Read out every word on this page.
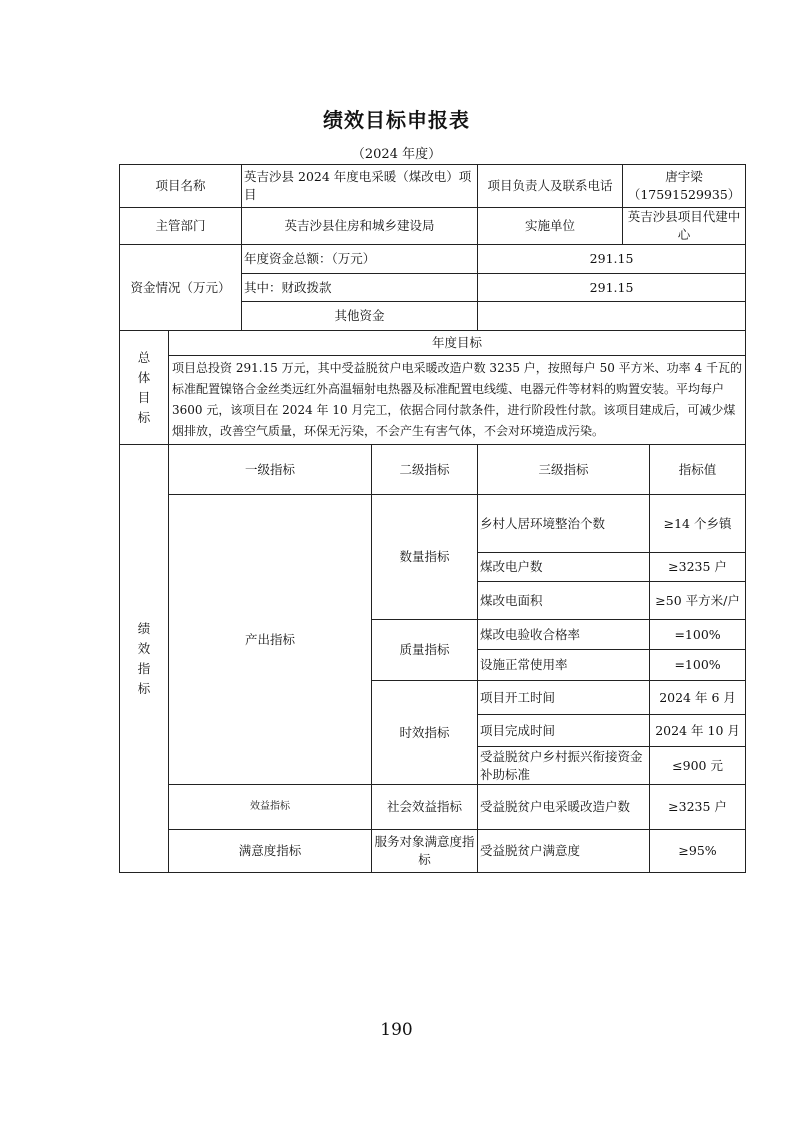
绩效目标申报表
（2024 年度）
项目名称		英吉沙县 2024 年度电采暖（煤改电）项目		项目负责人及联系电话	唐宇梁（17591529935）	
主管部门		英吉沙县住房和城乡建设局		实施单位	英吉沙县项目代建中心	
资金情况（万元）		年度资金总额：（万元）		291.15		
		其中：财政拨款		291.15		
		其他资金				

总
体
目
标	年度目标					
	项目总投资 291.15 万元，其中受益脱贫户电采暖改造户数 3235 户，按照每户 50 平方米、功率 4 千瓦的标准配置镍铬合金丝类远红外高温辐射电热器及标准配置电线缆、电器元件等材料的购置安装。平均每户 3600 元，该项目在 2024 年 10 月完工，依据合同付款条件，进行阶段性付款。该项目建成后，可减少煤烟排放，改善空气质量，环保无污染，不会产生有害气体，不会对环境造成污染。					

绩
效
指
标	一级指标		二级指标	三级指标		指标值
	产出指标		数量指标	乡村人居环境整治个数		≥14 个乡镇
				煤改电户数		≥3235 户
				煤改电面积		≥50 平方米/户
			质量指标	煤改电验收合格率		=100%
				设施正常使用率		=100%
			时效指标	项目开工时间		2024 年 6 月
				项目完成时间		2024 年 10 月
				受益脱贫户乡村振兴衔接资金补助标准		≤900 元
	效益指标		社会效益指标	受益脱贫户电采暖改造户数		≥3235 户
	满意度指标		服务对象满意度指标	受益脱贫户满意度		≥95%
190
